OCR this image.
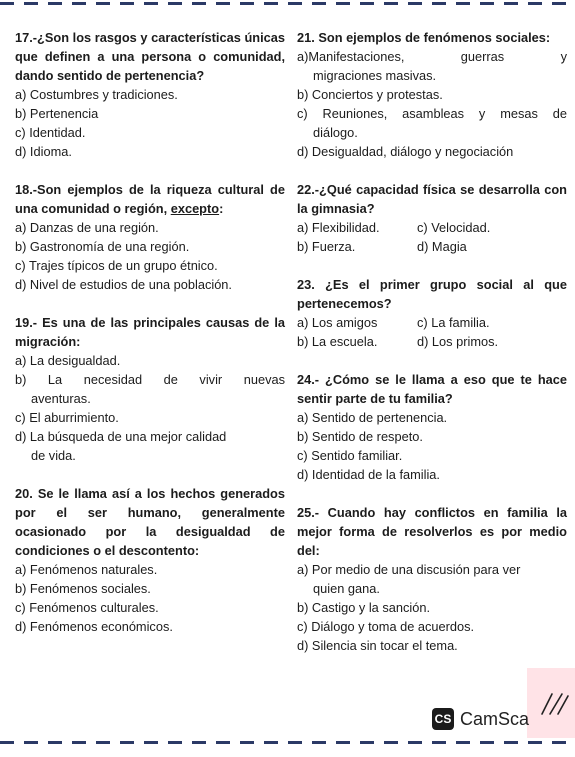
17.-¿Son los rasgos y características únicas que definen a una persona o comunidad, dando sentido de pertenencia?
a) Costumbres y tradiciones.
b) Pertenencia
c) Identidad.
d) Idioma.
18.-Son ejemplos de la riqueza cultural de una comunidad o región, excepto:
a) Danzas de una región.
b) Gastronomía de una región.
c) Trajes típicos de un grupo étnico.
d) Nivel de estudios de una población.
19.- Es una de las principales causas de la migración:
a) La desigualdad.
b) La necesidad de vivir nuevas
aventuras.
c) El aburrimiento.
d) La búsqueda de una mejor calidad
de vida.
20. Se le llama así a los hechos generados por el ser humano, generalmente ocasionado por la desigualdad de condiciones o el descontento:
a) Fenómenos naturales.
b) Fenómenos sociales.
c) Fenómenos culturales.
d) Fenómenos económicos.
21. Son ejemplos de fenómenos sociales:
a)Manifestaciones, guerras y
migraciones masivas.
b) Conciertos y protestas.
c) Reuniones, asambleas y mesas de
diálogo.
d) Desigualdad, diálogo y negociación
22.-¿Qué capacidad física se desarrolla con la gimnasia?
a) Flexibilidad.	c) Velocidad.
b) Fuerza.	d) Magia
23. ¿Es el primer grupo social al que pertenecemos?
a) Los amigos	c) La familia.
b) La escuela.	d) Los primos.
24.- ¿Cómo se le llama a eso que te hace sentir parte de tu familia?
a) Sentido de pertenencia.
b) Sentido de respeto.
c) Sentido familiar.
d) Identidad de la familia.
25.- Cuando hay conflictos en familia la mejor forma de resolverlos es por medio del:
a) Por medio de una discusión para ver
quien gana.
b) Castigo y la sanción.
c) Diálogo y toma de acuerdos.
d) Silencia sin tocar el tema.
CS CamSca
